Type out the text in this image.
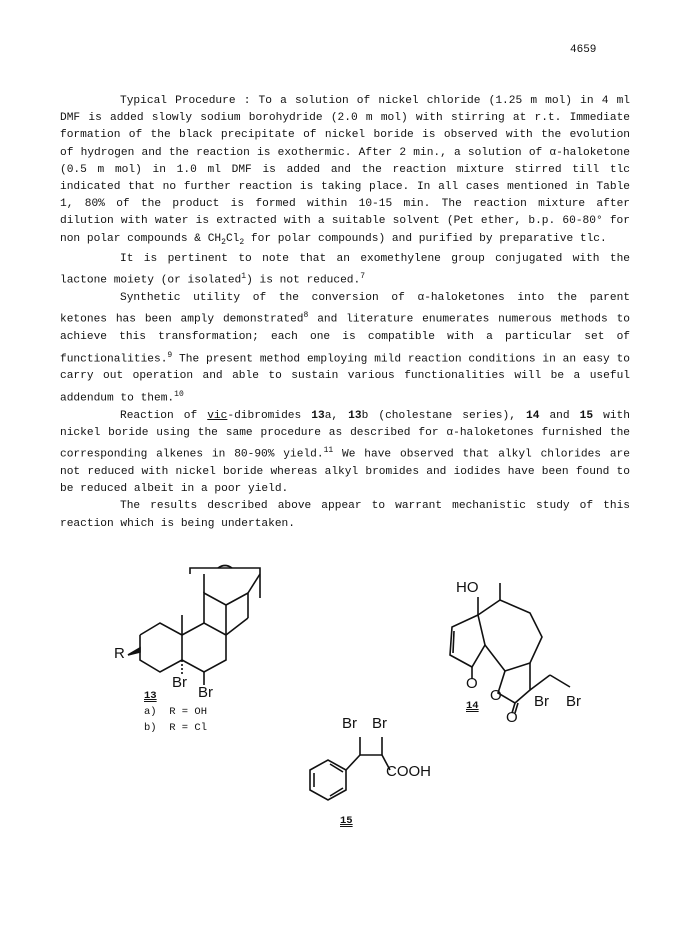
4659

Typical Procedure : To a solution of nickel chloride (1.25 m mol) in 4 ml DMF is added slowly sodium borohydride (2.0 m mol) with stirring at r.t. Immediate formation of the black precipitate of nickel boride is observed with the evolution of hydrogen and the reaction is exothermic. After 2 min., a solution of α-haloketone (0.5 m mol) in 1.0 ml DMF is added and the reaction mixture stirred till tlc indicated that no further reaction is taking place. In all cases mentioned in Table 1, 80% of the product is formed within 10-15 min. The reaction mixture after dilution with water is extracted with a suitable solvent (Pet ether, b.p. 60-80° for non polar compounds & $CH_2Cl_2$ for polar compounds) and purified by preparative tlc.

It is pertinent to note that an exomethylene group conjugated with the lactone moiety (or isolated$^1$) is not reduced.$^7$

Synthetic utility of the conversion of α-haloketones into the parent ketones has been amply demonstrated$^8$ and literature enumerates numerous methods to achieve this transformation; each one is compatible with a particular set of functionalities.$^9$ The present method employing mild reaction conditions in an easy to carry out operation and able to sustain various functionalities will be a useful addendum to them.$^{10}$

Reaction of vic-dibromides 13a, 13b (cholestane series), 14 and 15 with nickel boride using the same procedure as described for α-haloketones furnished the corresponding alkenes in 80-90% yield.$^{11}$ We have observed that alkyl chlorides are not reduced with nickel boride whereas alkyl bromides and iodides have been found to be reduced albeit in a poor yield.

The results described above appear to warrant mechanistic study of this reaction which is being undertaken.

R
Br
Br
13
a)  R = OH
b)  R = Cl
HO
O
O
O
Br Br
14
Br Br
COOH
15
